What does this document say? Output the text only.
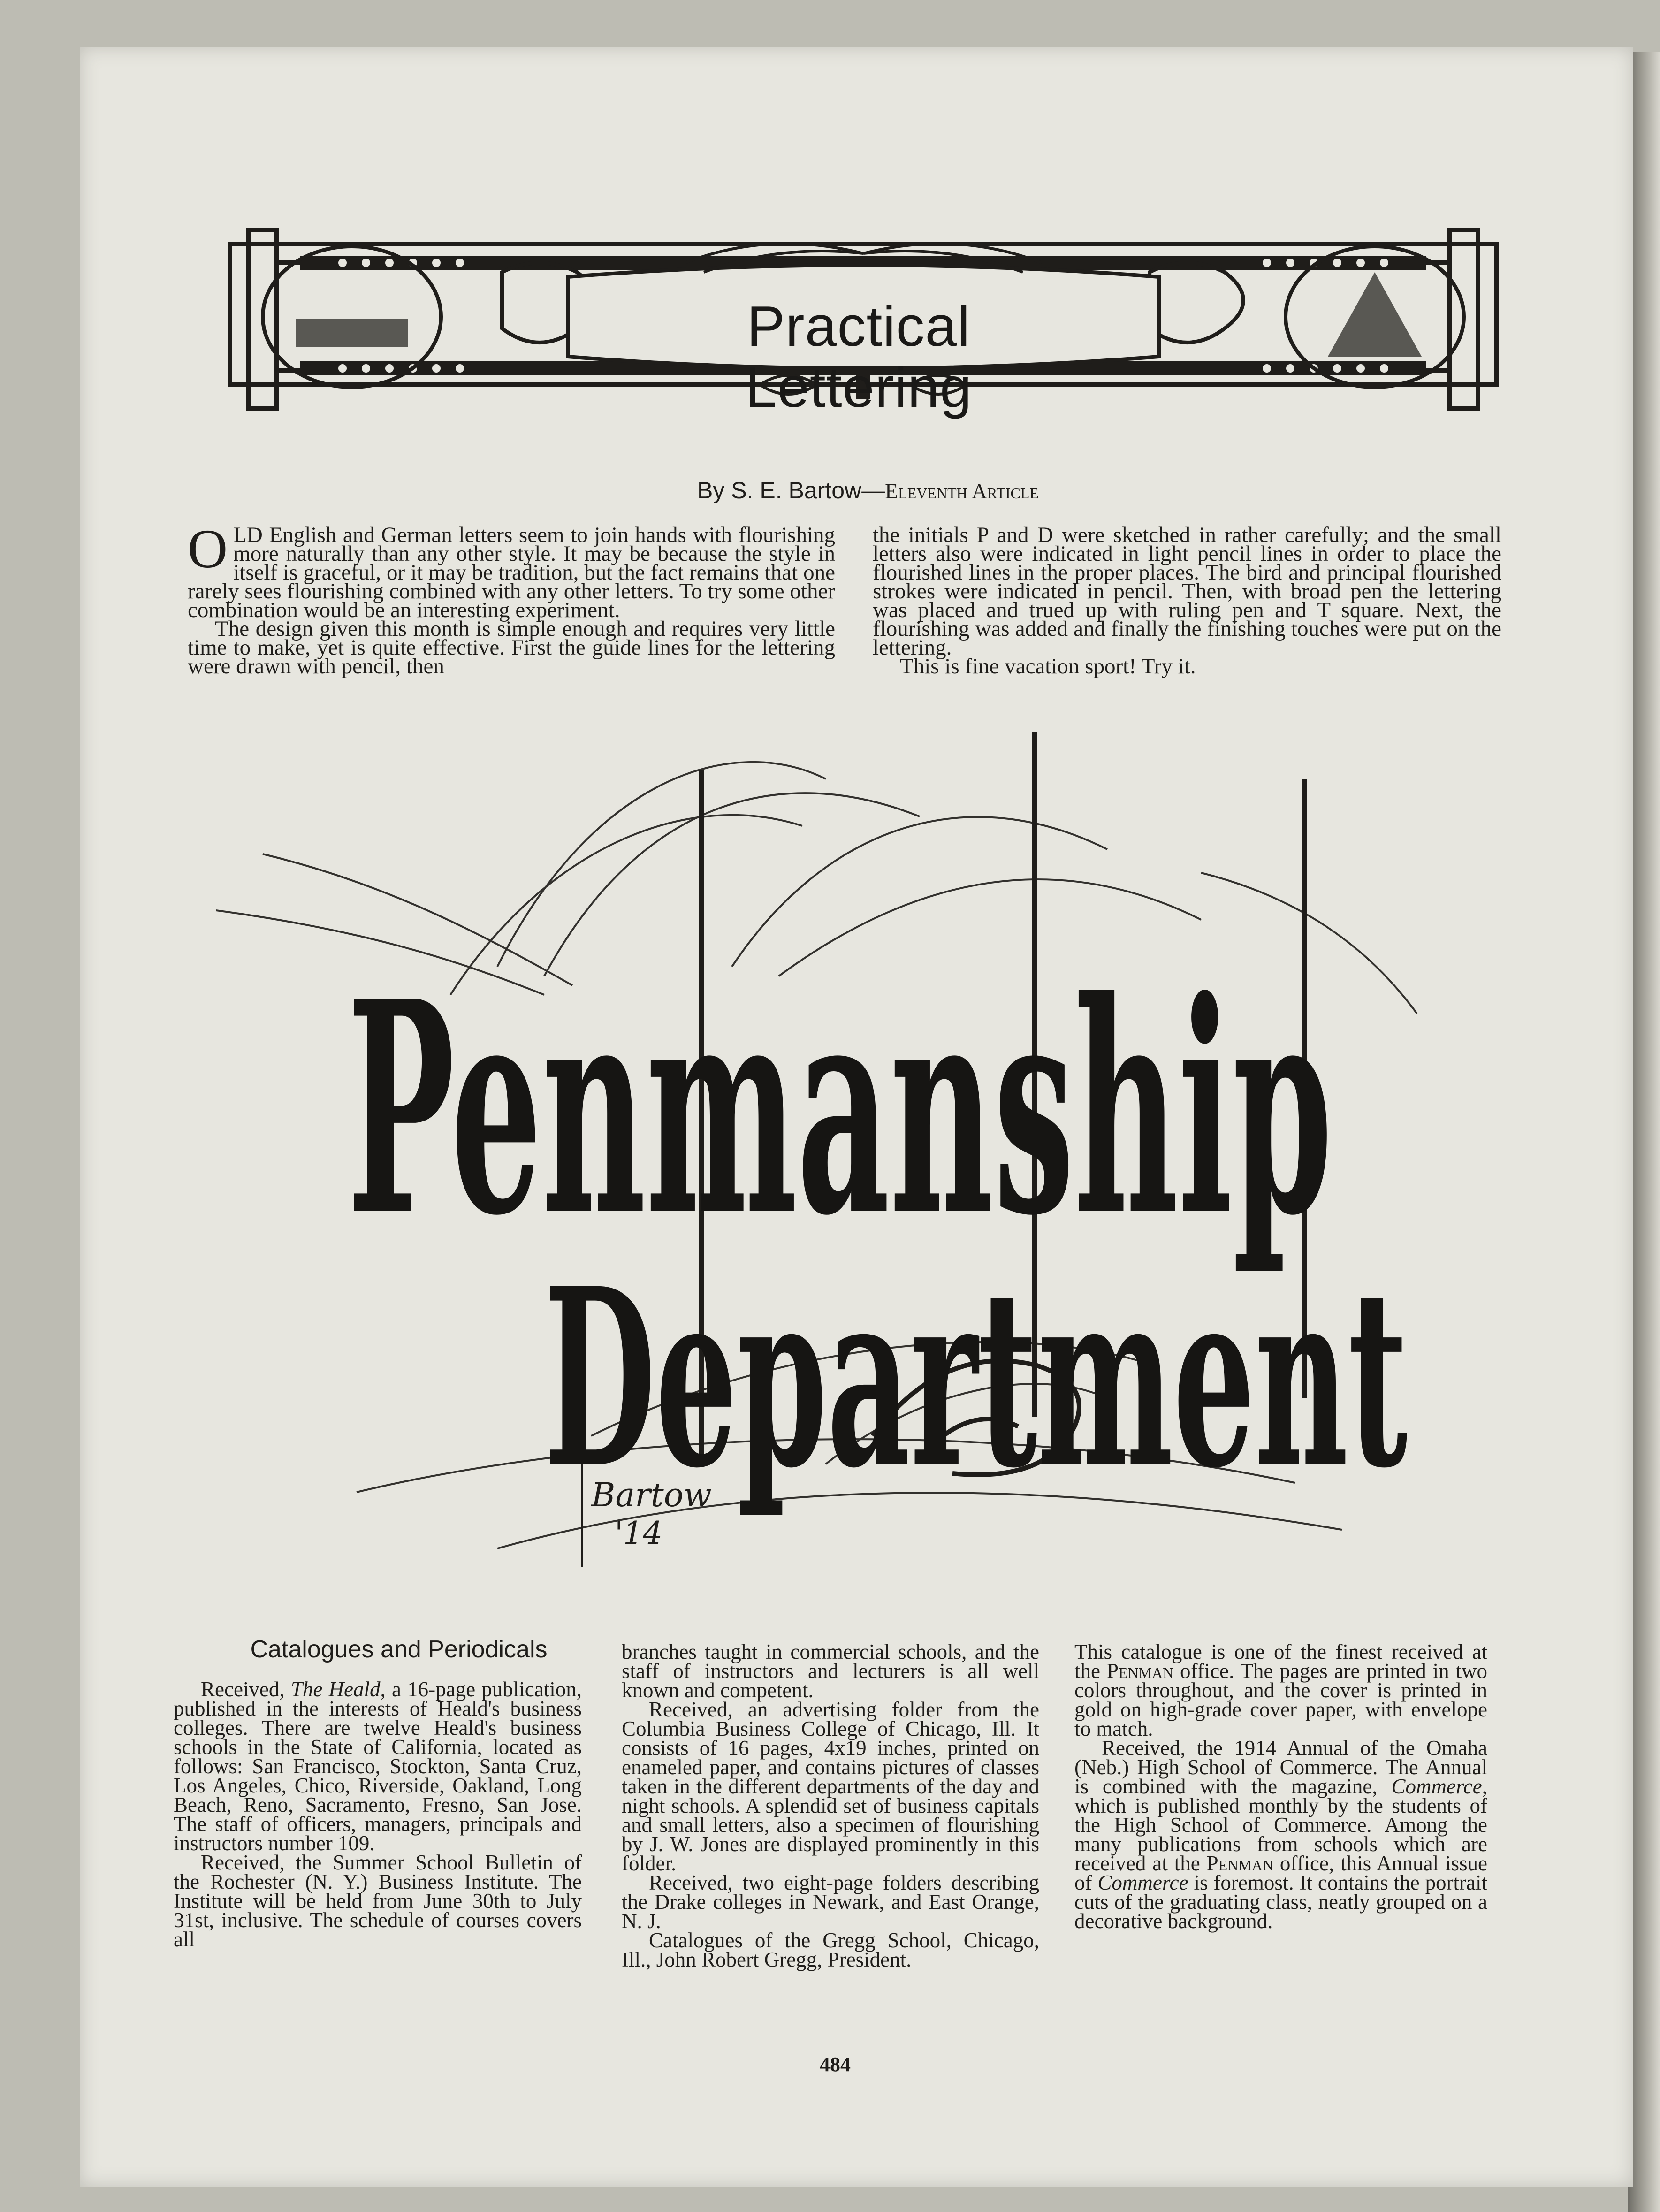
Practical Lettering
By S. E. Bartow—Eleventh Article

OLD English and German letters seem to join hands with flourishing more naturally than any other style. It may be because the style in itself is graceful, or it may be tradition, but the fact remains that one rarely sees flourishing combined with any other letters. To try some other combination would be an interesting experiment.

The design given this month is simple enough and requires very little time to make, yet is quite effective. First the guide lines for the lettering were drawn with pencil, then

the initials P and D were sketched in rather carefully; and the small letters also were indicated in light pencil lines in order to place the flourished lines in the proper places. The bird and principal flourished strokes were indicated in pencil. Then, with broad pen the lettering was placed and trued up with ruling pen and T square. Next, the flourishing was added and finally the finishing touches were put on the lettering.

This is fine vacation sport! Try it.

Penmanship
Department
Bartow
'14
Catalogues and Periodicals

Received, The Heald, a 16-page publication, published in the interests of Heald's business colleges. There are twelve Heald's business schools in the State of California, located as follows: San Francisco, Stockton, Santa Cruz, Los Angeles, Chico, Riverside, Oakland, Long Beach, Reno, Sacramento, Fresno, San Jose. The staff of officers, managers, principals and instructors number 109.

Received, the Summer School Bulletin of the Rochester (N. Y.) Business Institute. The Institute will be held from June 30th to July 31st, inclusive. The schedule of courses covers all

branches taught in commercial schools, and the staff of instructors and lecturers is all well known and competent.

Received, an advertising folder from the Columbia Business College of Chicago, Ill. It consists of 16 pages, 4x19 inches, printed on enameled paper, and contains pictures of classes taken in the different departments of the day and night schools. A splendid set of business capitals and small letters, also a specimen of flourishing by J. W. Jones are displayed prominently in this folder.

Received, two eight-page folders describing the Drake colleges in Newark, and East Orange, N. J.

Catalogues of the Gregg School, Chicago, Ill., John Robert Gregg, President.

This catalogue is one of the finest received at the Penman office. The pages are printed in two colors throughout, and the cover is printed in gold on high-grade cover paper, with envelope to match.

Received, the 1914 Annual of the Omaha (Neb.) High School of Commerce. The Annual is combined with the magazine, Commerce, which is published monthly by the students of the High School of Commerce. Among the many publications from schools which are received at the Penman office, this Annual issue of Commerce is foremost. It contains the portrait cuts of the graduating class, neatly grouped on a decorative background.

484
